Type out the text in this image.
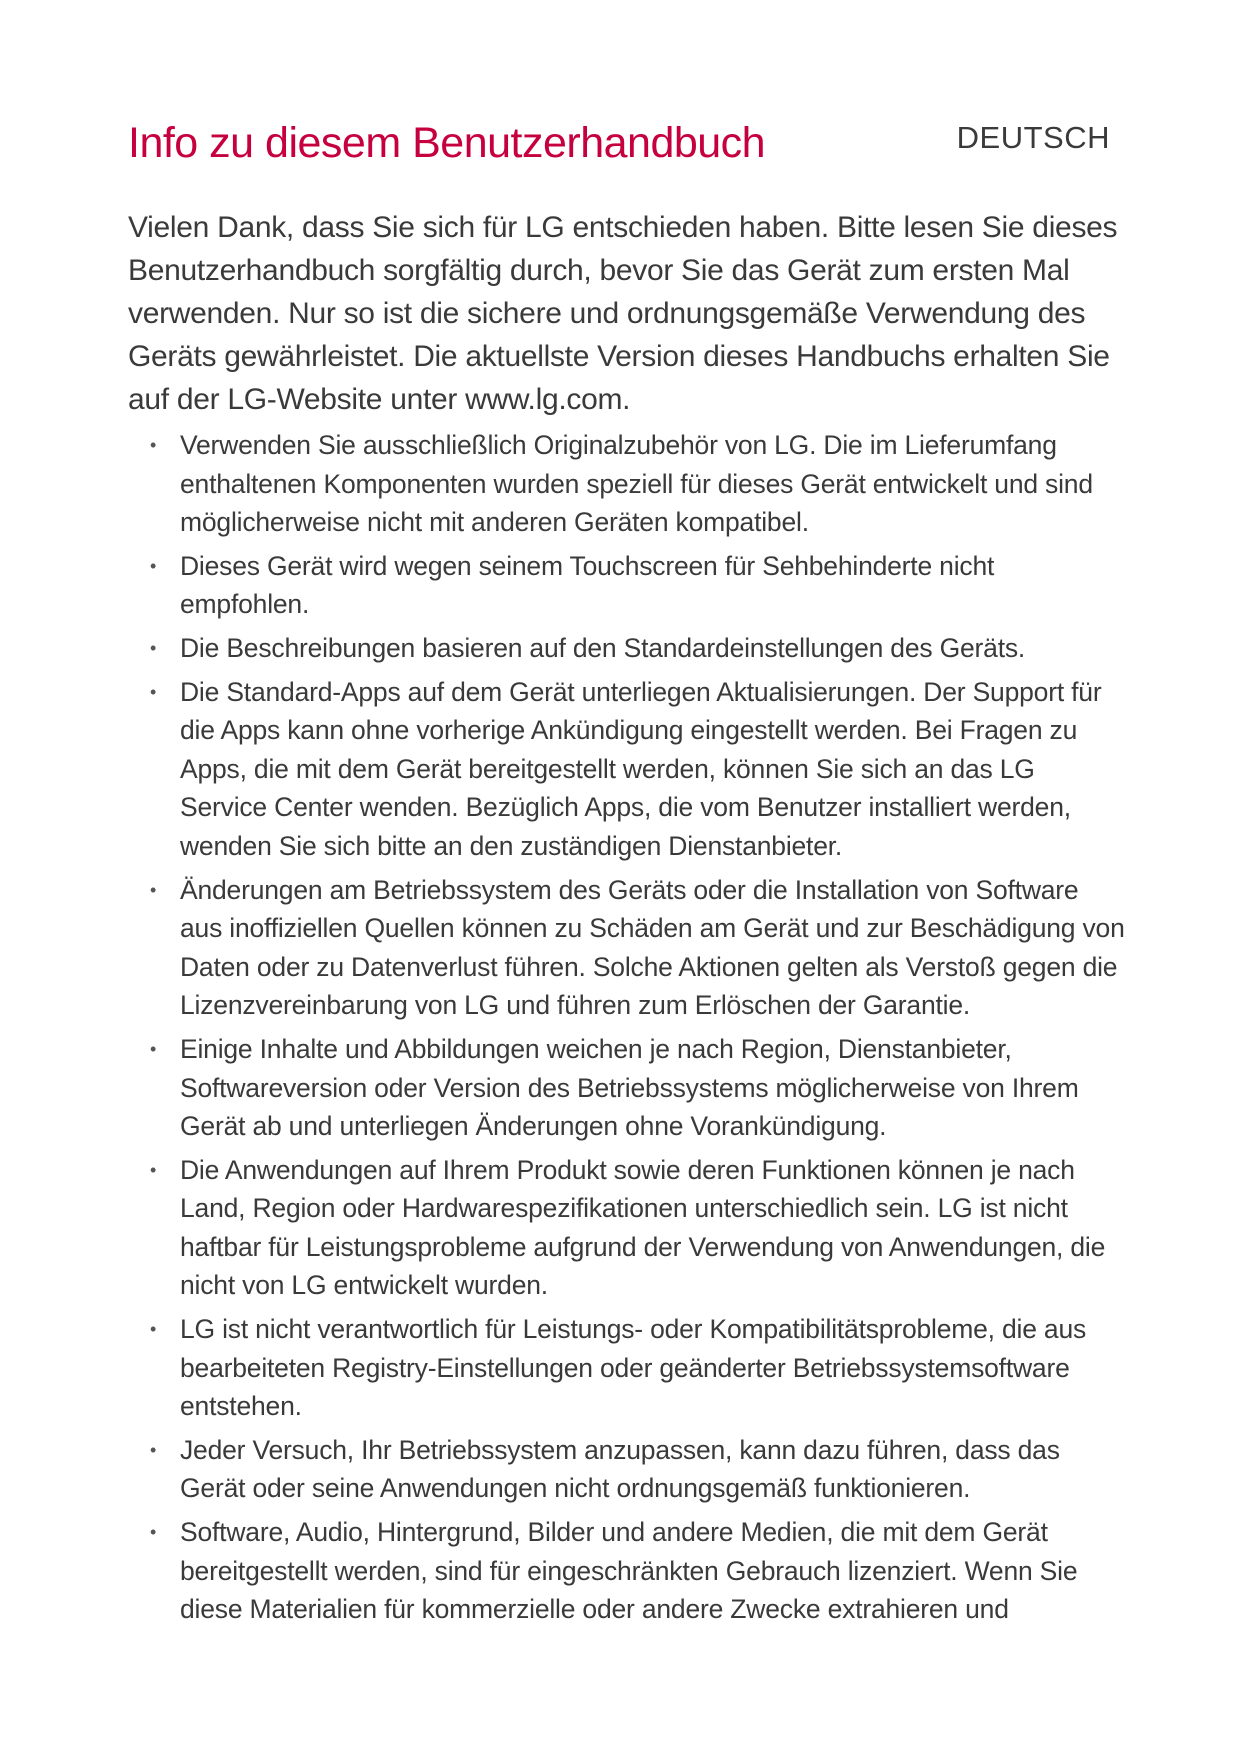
Info zu diesem Benutzerhandbuch	DEUTSCH

Vielen Dank, dass Sie sich für LG entschieden haben. Bitte lesen Sie dieses Benutzerhandbuch sorgfältig durch, bevor Sie das Gerät zum ersten Mal verwenden. Nur so ist die sichere und ordnungsgemäße Verwendung des Geräts gewährleistet. Die aktuellste Version dieses Handbuchs erhalten Sie auf der LG-Website unter www.lg.com.

• Verwenden Sie ausschließlich Originalzubehör von LG. Die im Lieferumfang enthaltenen Komponenten wurden speziell für dieses Gerät entwickelt und sind möglicherweise nicht mit anderen Geräten kompatibel.
• Dieses Gerät wird wegen seinem Touchscreen für Sehbehinderte nicht empfohlen.
• Die Beschreibungen basieren auf den Standardeinstellungen des Geräts.
• Die Standard-Apps auf dem Gerät unterliegen Aktualisierungen. Der Support für die Apps kann ohne vorherige Ankündigung eingestellt werden. Bei Fragen zu Apps, die mit dem Gerät bereitgestellt werden, können Sie sich an das LG Service Center wenden. Bezüglich Apps, die vom Benutzer installiert werden, wenden Sie sich bitte an den zuständigen Dienstanbieter.
• Änderungen am Betriebssystem des Geräts oder die Installation von Software aus inoffiziellen Quellen können zu Schäden am Gerät und zur Beschädigung von Daten oder zu Datenverlust führen. Solche Aktionen gelten als Verstoß gegen die Lizenzvereinbarung von LG und führen zum Erlöschen der Garantie.
• Einige Inhalte und Abbildungen weichen je nach Region, Dienstanbieter, Softwareversion oder Version des Betriebssystems möglicherweise von Ihrem Gerät ab und unterliegen Änderungen ohne Vorankündigung.
• Die Anwendungen auf Ihrem Produkt sowie deren Funktionen können je nach Land, Region oder Hardwarespezifikationen unterschiedlich sein. LG ist nicht haftbar für Leistungsprobleme aufgrund der Verwendung von Anwendungen, die nicht von LG entwickelt wurden.
• LG ist nicht verantwortlich für Leistungs- oder Kompatibilitätsprobleme, die aus bearbeiteten Registry-Einstellungen oder geänderter Betriebssystemsoftware entstehen.
• Jeder Versuch, Ihr Betriebssystem anzupassen, kann dazu führen, dass das Gerät oder seine Anwendungen nicht ordnungsgemäß funktionieren.
• Software, Audio, Hintergrund, Bilder und andere Medien, die mit dem Gerät bereitgestellt werden, sind für eingeschränkten Gebrauch lizenziert. Wenn Sie diese Materialien für kommerzielle oder andere Zwecke extrahieren und
